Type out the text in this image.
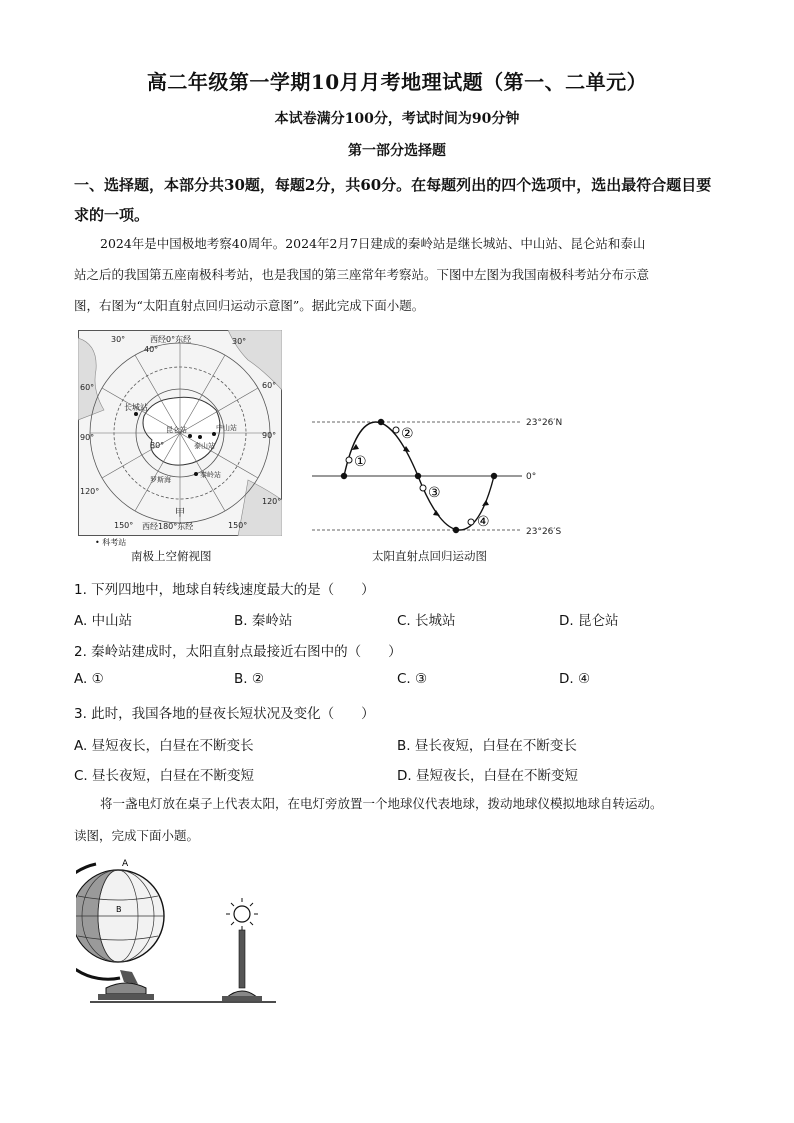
高二年级第一学期10月月考地理试题（第一、二单元）
本试卷满分100分，考试时间为90分钟
第一部分选择题
一、选择题，本部分共30题，每题2分，共60分。在每题列出的四个选项中，选出最符合题目要求的一项。
2024年是中国极地考察40周年。2024年2月7日建成的秦岭站是继长城站、中山站、昆仑站和泰山
站之后的我国第五座南极科考站，也是我国的第三座常年考察站。下图中左图为我国南极科考站分布示意
图，右图为“太阳直射点回归运动示意图”。据此完成下面小题。
西经0°东经
30°
40°
30°
60°	60°
90°	90°
120°
120°
150°	150°
西经180°东经
80°
长城站
昆仑站	中山站
泰山站
秦岭站
罗斯海
甲
• 科考站
南极上空俯视图
①
②
③
④
23°26′N
0°
23°26′S
太阳直射点回归运动图
1. 下列四地中，地球自转线速度最大的是（　　）
A. 中山站	B. 秦岭站	C. 长城站	D. 昆仑站
2. 秦岭站建成时，太阳直射点最接近右图中的（　　）
A. ①	B. ②	C. ③	D. ④
3. 此时，我国各地的昼夜长短状况及变化（　　）
A. 昼短夜长，白昼在不断变长	B. 昼长夜短，白昼在不断变长
C. 昼长夜短，白昼在不断变短	D. 昼短夜长，白昼在不断变短
将一盏电灯放在桌子上代表太阳，在电灯旁放置一个地球仪代表地球，拨动地球仪模拟地球自转运动。
读图，完成下面小题。
A
B
